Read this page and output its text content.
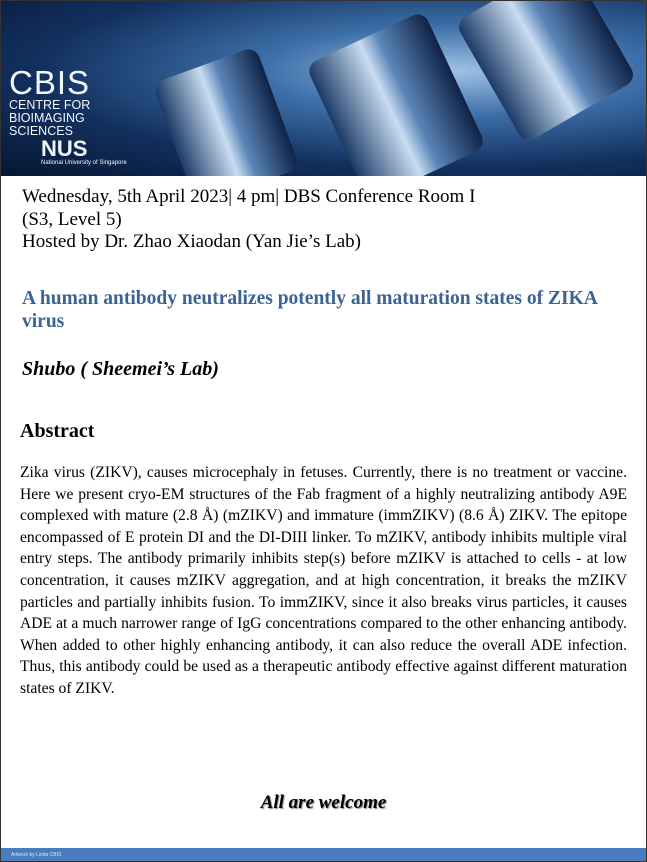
CBIS
CENTRE FOR
BIOIMAGING
SCIENCES
NUS
National University of Singapore
Wednesday, 5th April 2023| 4 pm| DBS Conference Room I
(S3, Level 5)
Hosted by Dr. Zhao Xiaodan (Yan Jie’s Lab)
A human antibody neutralizes potently all maturation states of ZIKA virus
Shubo ( Sheemei’s Lab)
Abstract
Zika virus (ZIKV), causes microcephaly in fetuses. Currently, there is no treatment or vaccine. Here we present cryo-EM structures of the Fab fragment of a highly neutralizing antibody A9E complexed with mature (2.8 Å) (mZIKV) and immature (immZIKV) (8.6 Å) ZIKV. The epitope encompassed of E protein DI and the DI-DIII linker. To mZIKV, antibody inhibits multiple viral entry steps. The antibody primarily inhibits step(s) before mZIKV is attached to cells - at low concentration, it causes mZIKV aggregation, and at high concentration, it breaks the mZIKV particles and partially inhibits fusion. To immZIKV, since it also breaks virus particles, it causes ADE at a much narrower range of IgG concentrations compared to the other enhancing antibody. When added to other highly enhancing antibody, it can also reduce the overall ADE infection. Thus, this antibody could be used as a therapeutic antibody effective against different maturation states of ZIKV.
All are welcome
Artwork by Linda CBIS
